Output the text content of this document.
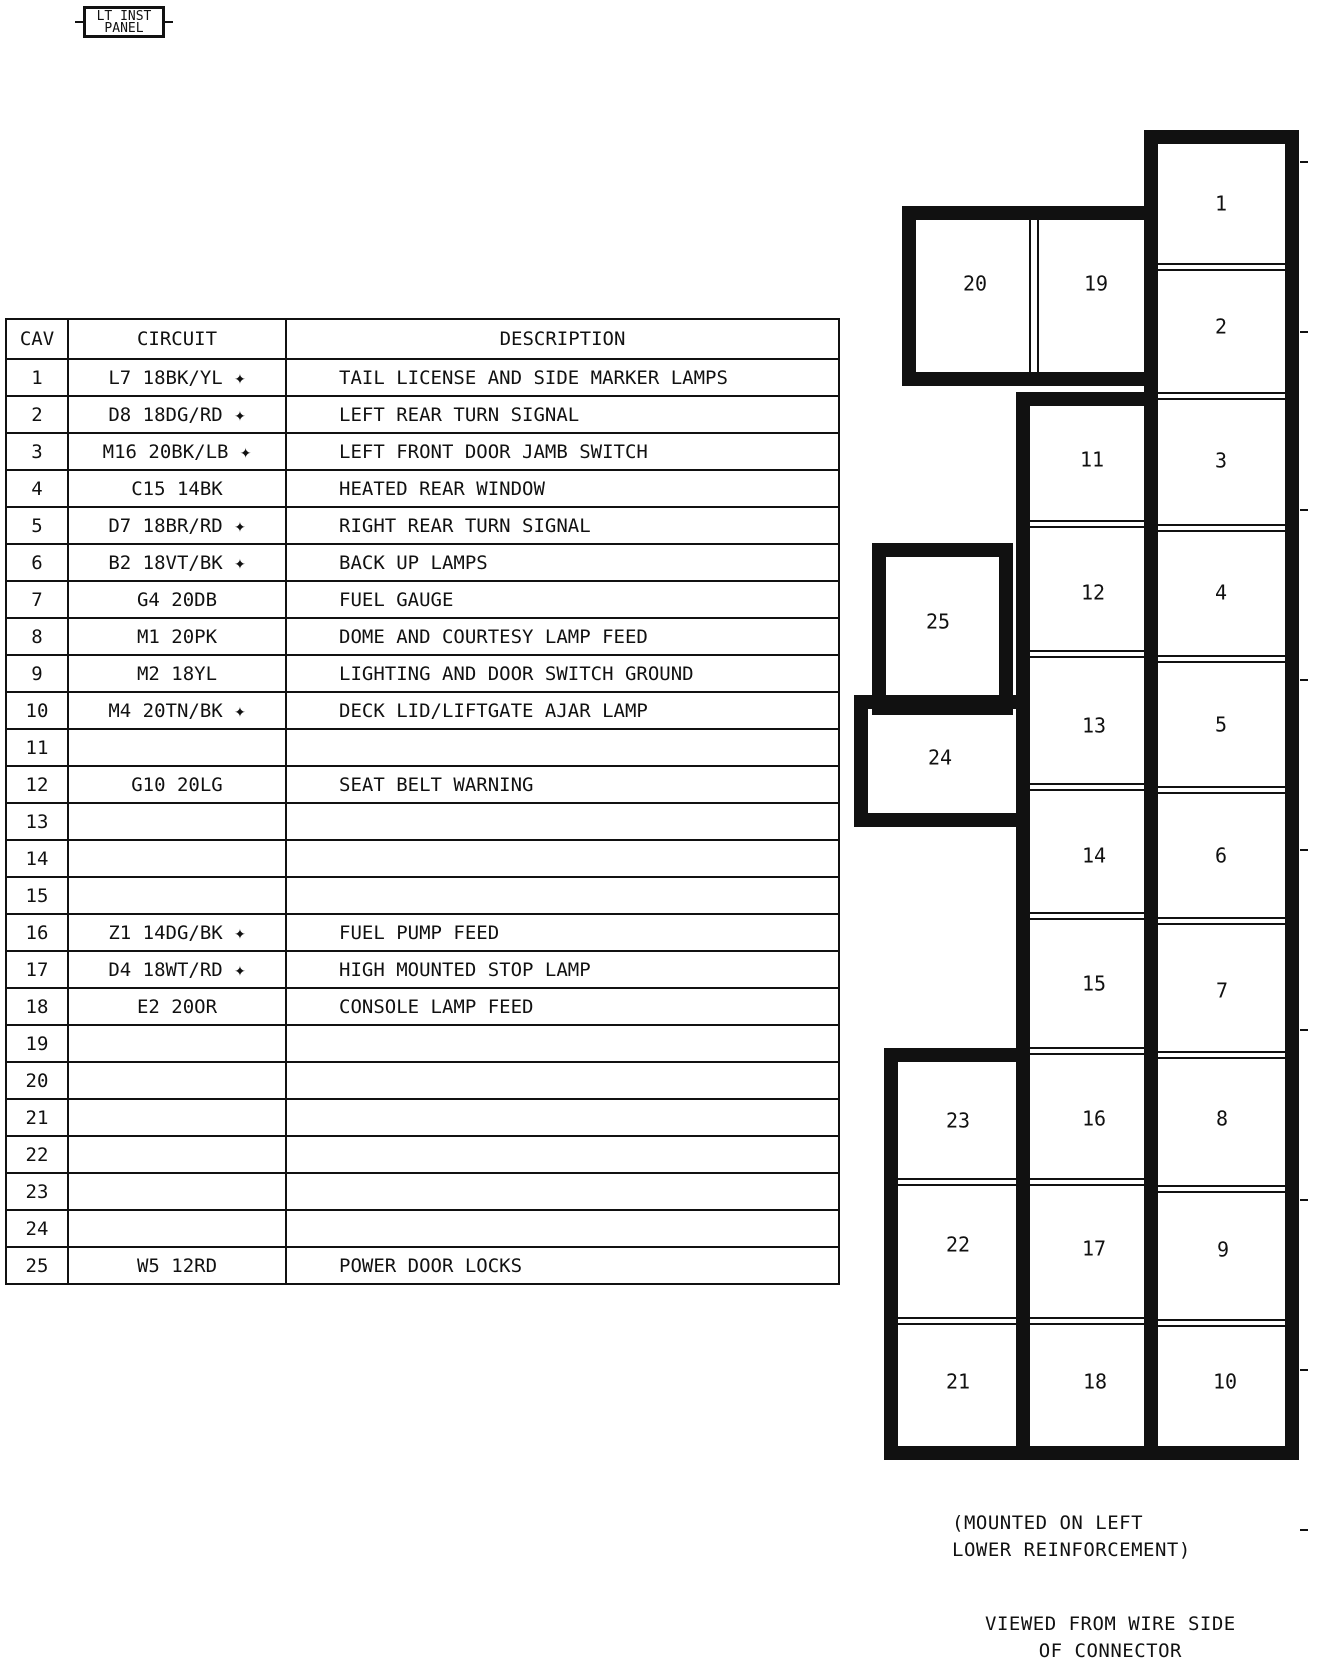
LT INST
PANEL
CAV	CIRCUIT	DESCRIPTION
1	L7 18BK/YL ✦	TAIL LICENSE AND SIDE MARKER LAMPS
2	D8 18DG/RD ✦	LEFT REAR TURN SIGNAL
3	M16 20BK/LB ✦	LEFT FRONT DOOR JAMB SWITCH
4	C15 14BK	HEATED REAR WINDOW
5	D7 18BR/RD ✦	RIGHT REAR TURN SIGNAL
6	B2 18VT/BK ✦	BACK UP LAMPS
7	G4 20DB	FUEL GAUGE
8	M1 20PK	DOME AND COURTESY LAMP FEED
9	M2 18YL	LIGHTING AND DOOR SWITCH GROUND
10	M4 20TN/BK ✦	DECK LID/LIFTGATE AJAR LAMP
11		
12	G10 20LG	SEAT BELT WARNING
13		
14		
15		
16	Z1 14DG/BK ✦	FUEL PUMP FEED
17	D4 18WT/RD ✦	HIGH MOUNTED STOP LAMP
18	E2 20OR	CONSOLE LAMP FEED
19		
20		
21		
22		
23		
24		
25	W5 12RD	POWER DOOR LOCKS
1
2
3
4
5
6
7
8
9
10
11
12
13
14
15
16
17
18
19
20
21
22
23
24
25
(MOUNTED ON LEFT
LOWER REINFORCEMENT)
VIEWED FROM WIRE SIDE
OF CONNECTOR
